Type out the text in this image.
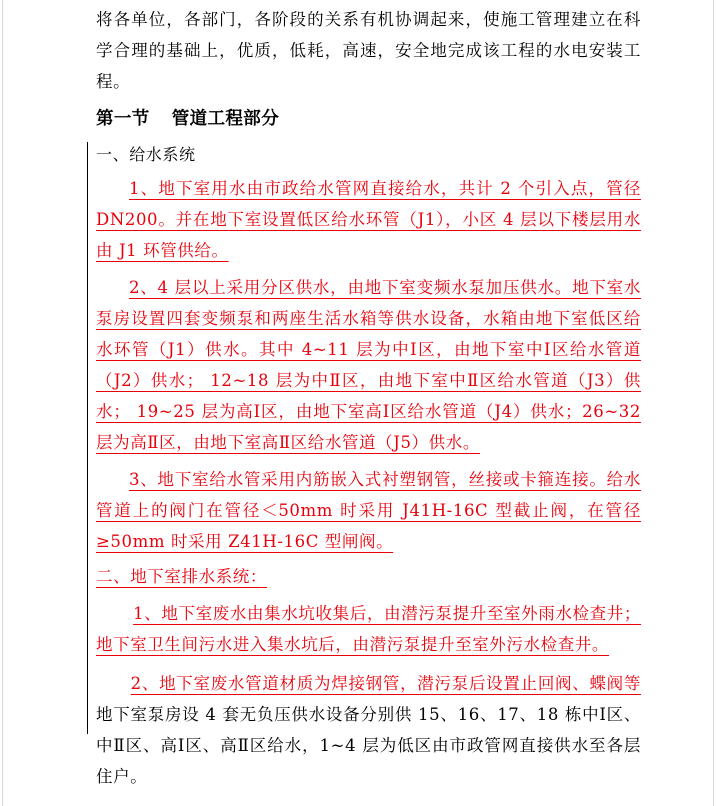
将各单位，各部门，各阶段的关系有机协调起来，使施工管理建立在科学合理的基础上，优质，低耗，高速，安全地完成该工程的水电安装工程。

第一节 管道工程部分

一、给水系统

1、地下室用水由市政给水管网直接给水，共计 2 个引入点，管径 DN200。并在地下室设置低区给水环管（J1），小区 4 层以下楼层用水由 J1 环管供给。

2、4 层以上采用分区供水，由地下室变频水泵加压供水。地下室水泵房设置四套变频泵和两座生活水箱等供水设备，水箱由地下室低区给水环管（J1）供水。其中 4~11 层为中Ⅰ区，由地下室中Ⅰ区给水管道（J2）供水； 12~18 层为中Ⅱ区，由地下室中Ⅱ区给水管道（J3）供水； 19~25 层为高Ⅰ区，由地下室高Ⅰ区给水管道（J4）供水；26~32 层为高Ⅱ区，由地下室高Ⅱ区给水管道（J5）供水。

3、地下室给水管采用内筋嵌入式衬塑钢管，丝接或卡箍连接。给水管道上的阀门在管径＜50mm 时采用 J41H-16C 型截止阀，在管径≥50mm 时采用 Z41H-16C 型闸阀。

二、地下室排水系统：

1、地下室废水由集水坑收集后，由潜污泵提升至室外雨水检查井；地下室卫生间污水进入集水坑后，由潜污泵提升至室外污水检查井。

2、地下室废水管道材质为焊接钢管，潜污泵后设置止回阀、蝶阀等地下室泵房设 4 套无负压供水设备分别供 15、16、17、18 栋中Ⅰ区、中Ⅱ区、高Ⅰ区、高Ⅱ区给水，1~4 层为低区由市政管网直接供水至各层住户。
